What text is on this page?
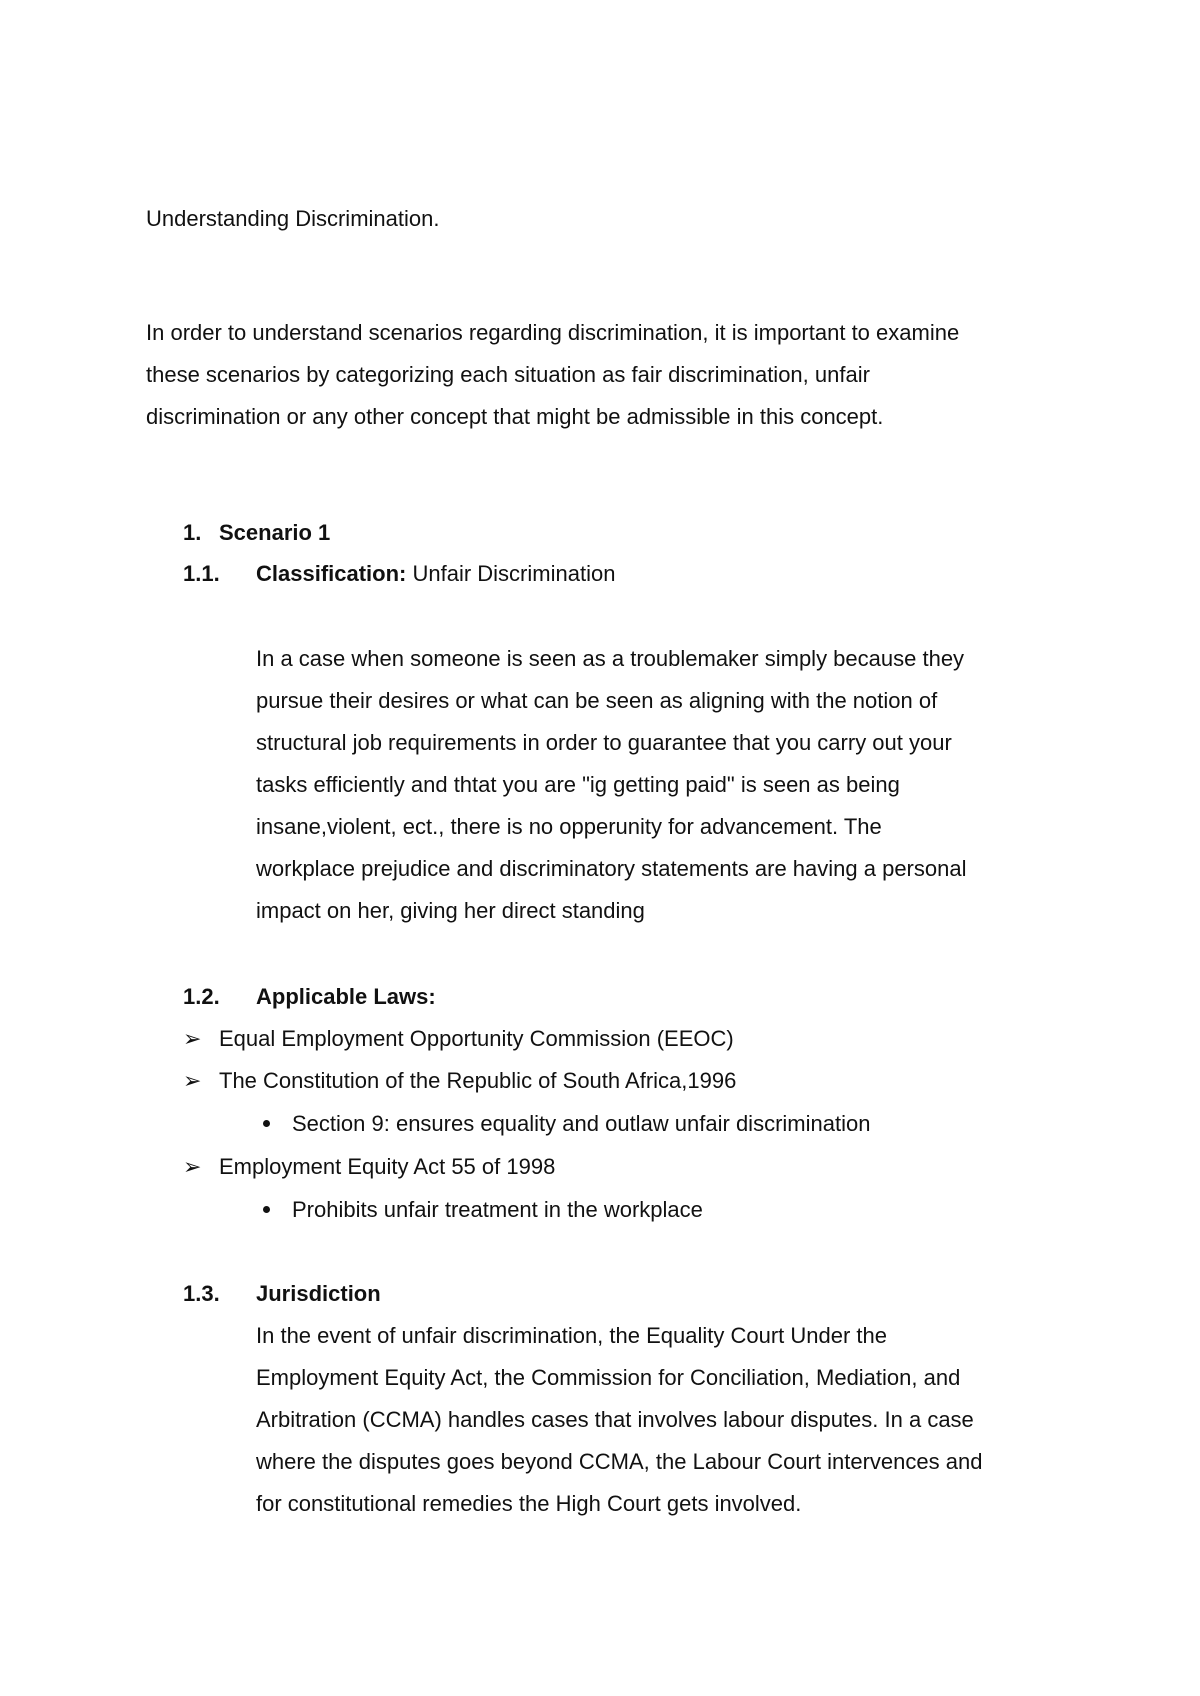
Understanding Discrimination.
In order to understand scenarios regarding discrimination, it is important to examine
these scenarios by categorizing each situation as fair discrimination, unfair
discrimination or any other concept that might be admissible in this concept.
1. Scenario 1
1.1. Classification: Unfair Discrimination
In a case when someone is seen as a troublemaker simply because they
pursue their desires or what can be seen as aligning with the notion of
structural job requirements in order to guarantee that you carry out your
tasks efficiently and thtat you are "ig getting paid" is seen as being
insane,violent, ect., there is no opperunity for advancement. The
workplace prejudice and discriminatory statements are having a personal
impact on her, giving her direct standing
1.2. Applicable Laws:
➢ Equal Employment Opportunity Commission (EEOC)
➢ The Constitution of the Republic of South Africa,1996
Section 9: ensures equality and outlaw unfair discrimination
➢ Employment Equity Act 55 of 1998
Prohibits unfair treatment in the workplace
1.3. Jurisdiction
In the event of unfair discrimination, the Equality Court Under the
Employment Equity Act, the Commission for Conciliation, Mediation, and
Arbitration (CCMA) handles cases that involves labour disputes. In a case
where the disputes goes beyond CCMA, the Labour Court intervences and
for constitutional remedies the High Court gets involved.
